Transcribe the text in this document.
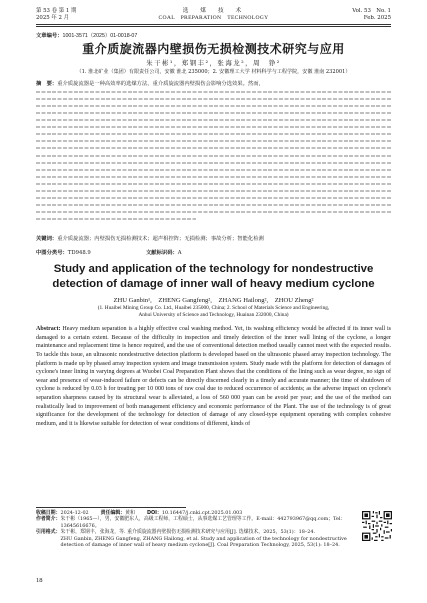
第 53 卷 第 1 期
2025 年 2 月
选　煤　技　术
COAL　PREPARATION　TECHNOLOGY
Vol. 53　No. 1
Feb. 2025
文章编号：1001-3571（2025）01-0018-07
重介质旋流器内壁损伤无损检测技术研究与应用
朱干彬¹，郑钢丰²，张海龙²，周　铮²
（1. 淮北矿业（集团）有限责任公司，安徽 淮北 235000；2. 安徽理工大学 材料科学与工程学院，安徽 淮南 232001）
摘　要：重介质旋流器是一种高效率的选煤方法，重介质旋流器内壁损伤会影响分选效果。然而，
关键词：重介质旋流器；内壁损伤无损检测技术；超声相控阵；无损检测；事故分析；智能化检测
中图分类号：TD948.9	文献标识码：A
Study and application of the technology for nondestructive
detection of damage of inner wall of heavy medium cyclone
ZHU Ganbin¹,　ZHENG Gangfeng²,　ZHANG Hailong²,　ZHOU Zheng²
(1. Huaibei Mining Group Co. Ltd., Huaibei 235000, China; 2. School of Materials Science and Engineering,
Anhui University of Science and Technology, Huainan 232000, China)
Abstract: Heavy medium separation is a highly effective coal washing method. Yet, its washing efficiency would be affected if its inner wall is damaged to a certain extent. Because of the difficulty in inspection and timely detection of the inner wall lining of the cyclone, a longer maintenance and replacement time is hence required, and the use of conventional detection method usually cannot meet with the expected results. To tackle this issue, an ultrasonic nondestructive detection platform is developed based on the ultrasonic phased array inspection technology. The platform is made up by phased array inspection system and image transmission system. Study made with the platform for detection of damages of cyclone's inner lining in varying degrees at Wuobei Coal Preparation Plant shows that the conditions of the lining such as wear degree, no sign of wear and presence of wear-induced failure or defects can be directly discerned clearly in a timely and accurate manner; the time of shutdown of cyclone is reduced by 0.03 h for treating per 10 000 tons of raw coal due to reduced occurrence of accidents; as the adverse impact on cyclone's separation sharpness caused by its structural wear is alleviated, a loss of 560 000 yuan can be avoid per year; and the use of the method can realistically lead to improvement of both management efficiency and economic performance of the Plant. The use of the technology is of great significance for the development of the technology for detection of damage of any closed-type equipment operating with complex cohesive medium, and it is likewise suitable for detection of wear conditions of different, kinds of
收稿日期： 2024-12-02 责任编辑： 黄和 DOI： 10.16447/j.cnki.cpt.2025.01.003
作者简介： 朱干彬（1965—），男，安徽肥东人，高级工程师，工程硕士，从事选煤工艺管理等工作。E-mail：442793967@qq.com；Tel：13645616676。
引用格式： 朱干彬，郑钢丰，张海龙，等. 重介质旋流器内壁损伤无损检测技术研究与应用[J]. 选煤技术，2025，53(1)：18–24.
ZHU Ganbin, ZHENG Gangfeng, ZHANG Hailong, et al. Study and application of the technology for nondestructive detection of damage of inner wall of heavy medium cyclone[J]. Coal Preparation Technology, 2025, 53(1): 18–24.
18
